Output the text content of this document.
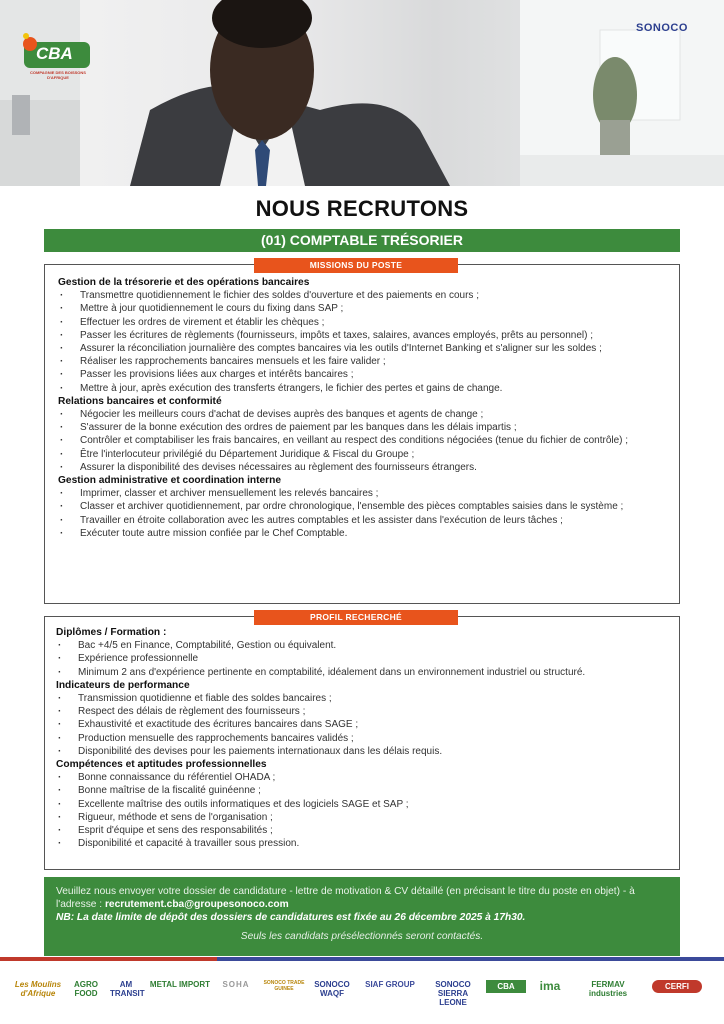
CBA
COMPAGNIE DES BOISSONS D'AFRIQUE
SONOCO
NOUS RECRUTONS
(01) COMPTABLE TRÉSORIER
MISSIONS DU POSTE
Gestion de la trésorerie et des opérations bancaires
· Transmettre quotidiennement le fichier des soldes d'ouverture et des paiements en cours ;
· Mettre à jour quotidiennement le cours du fixing dans SAP ;
· Effectuer les ordres de virement et établir les chèques ;
· Passer les écritures de règlements (fournisseurs, impôts et taxes, salaires, avances employés, prêts au personnel) ;
· Assurer la réconciliation journalière des comptes bancaires via les outils d'Internet Banking et s'aligner sur les soldes ;
· Réaliser les rapprochements bancaires mensuels et les faire valider ;
· Passer les provisions liées aux charges et intérêts bancaires ;
· Mettre à jour, après exécution des transferts étrangers, le fichier des pertes et gains de change.
Relations bancaires et conformité
· Négocier les meilleurs cours d'achat de devises auprès des banques et agents de change ;
· S'assurer de la bonne exécution des ordres de paiement par les banques dans les délais impartis ;
· Contrôler et comptabiliser les frais bancaires, en veillant au respect des conditions négociées (tenue du fichier de contrôle) ;
· Être l'interlocuteur privilégié du Département Juridique & Fiscal du Groupe ;
· Assurer la disponibilité des devises nécessaires au règlement des fournisseurs étrangers.
Gestion administrative et coordination interne
· Imprimer, classer et archiver mensuellement les relevés bancaires ;
· Classer et archiver quotidiennement, par ordre chronologique, l'ensemble des pièces comptables saisies dans le système ;
· Travailler en étroite collaboration avec les autres comptables et les assister dans l'exécution de leurs tâches ;
· Exécuter toute autre mission confiée par le Chef Comptable.
PROFIL RECHERCHÉ
Diplômes / Formation :
· Bac +4/5 en Finance, Comptabilité, Gestion ou équivalent.
· Expérience professionnelle
· Minimum 2 ans d'expérience pertinente en comptabilité, idéalement dans un environnement industriel ou structuré.
Indicateurs de performance
· Transmission quotidienne et fiable des soldes bancaires ;
· Respect des délais de règlement des fournisseurs ;
· Exhaustivité et exactitude des écritures bancaires dans SAGE ;
· Production mensuelle des rapprochements bancaires validés ;
· Disponibilité des devises pour les paiements internationaux dans les délais requis.
Compétences et aptitudes professionnelles
· Bonne connaissance du référentiel OHADA ;
· Bonne maîtrise de la fiscalité guinéenne ;
· Excellente maîtrise des outils informatiques et des logiciels SAGE et SAP ;
· Rigueur, méthode et sens de l'organisation ;
· Esprit d'équipe et sens des responsabilités ;
· Disponibilité et capacité à travailler sous pression.
Veuillez nous envoyer votre dossier de candidature - lettre de motivation & CV détaillé (en précisant le titre du poste en objet) - à l'adresse : recrutement.cba@groupesonoco.com
NB: La date limite de dépôt des dossiers de candidatures est fixée au 26 décembre 2025 à 17h30.
Seuls les candidats présélectionnés seront contactés.
Les Moulins d'Afrique
AGRO FOOD
AM TRANSIT
METAL IMPORT	SOHA	SONOCO TRADE GUINEE	SONOCO WAQF
SIAF GROUP	SONOCO SIERRA LEONE
CBA	ima	FERMAV industries
CERFI
